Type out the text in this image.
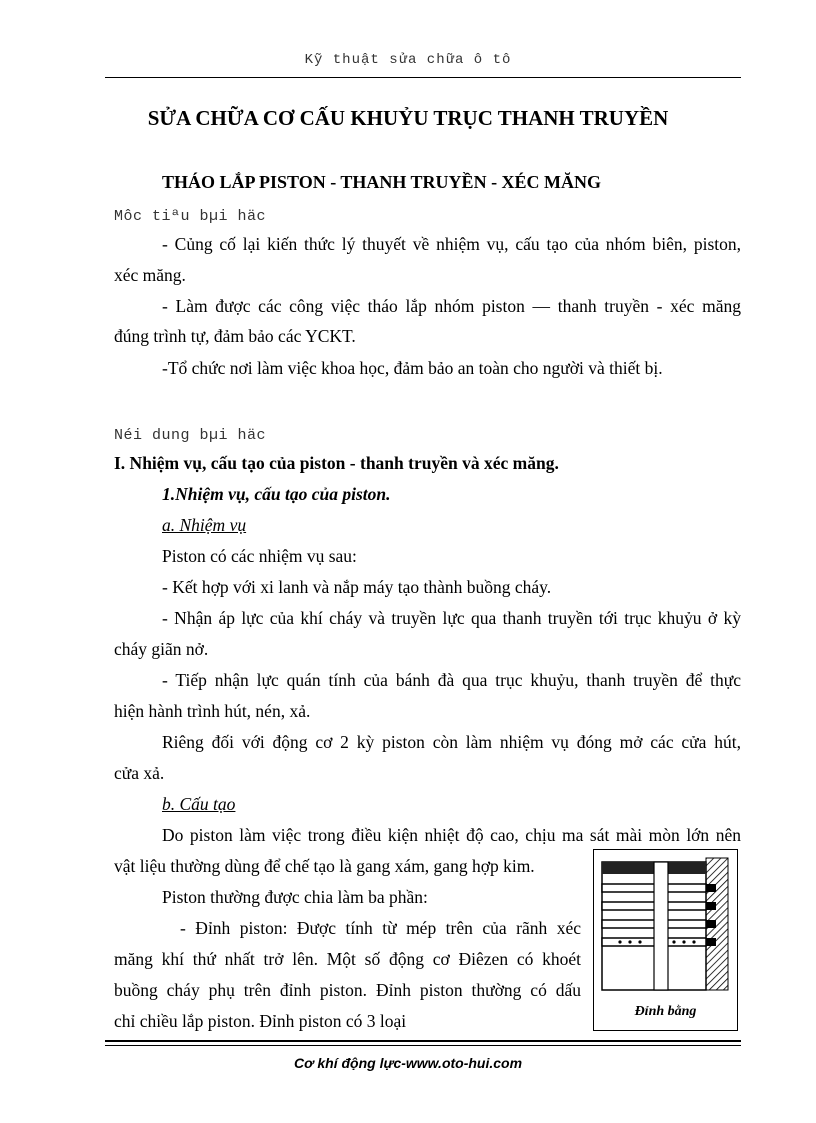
Kỹ thuật sửa chữa ô tô
SỬA CHỮA CƠ CẤU KHUỶU TRỤC THANH TRUYỀN
THÁO LẮP PISTON - THANH TRUYỀN - XÉC MĂNG
Môc tiªu bµi häc
- Củng cố lại kiến thức lý thuyết về nhiệm vụ, cấu tạo của nhóm biên, piston,
xéc măng.
- Làm được các công việc tháo lắp nhóm piston — thanh truyền - xéc măng
đúng trình tự, đảm bảo các YCKT.
-Tổ chức nơi làm việc khoa học, đảm bảo an toàn cho người và thiết bị.
Néi dung bµi häc
I. Nhiệm vụ, cấu tạo của piston - thanh truyền và xéc măng.
1.Nhiệm vụ, cấu tạo của piston.
a. Nhiệm vụ
Piston có các nhiệm vụ sau:
- Kết hợp với xi lanh và nắp máy tạo thành buồng cháy.
- Nhận áp lực của khí cháy và truyền lực qua thanh truyền tới trục khuỷu ở kỳ
cháy giãn nở.
- Tiếp nhận lực quán tính của bánh đà qua trục khuỷu, thanh truyền để thực
hiện hành trình hút, nén, xả.
Riêng đối với động cơ 2 kỳ piston còn làm nhiệm vụ đóng mở các cửa hút,
cửa xả.
b. Cấu tạo
Do piston làm việc trong điều kiện nhiệt độ cao, chịu ma sát mài mòn lớn nên
vật liệu thường dùng để chế tạo là gang xám, gang hợp kim.
Piston thường được chia làm ba phần:
- Đỉnh piston: Được tính từ mép trên của rãnh xéc
măng khí thứ nhất trở lên. Một số động cơ Điêzen có khoét
buồng cháy phụ trên đỉnh piston. Đỉnh piston thường có dấu
chỉ chiều lắp piston. Đỉnh piston có 3 loại	Đỉnh bằng
Cơ khí động lực-www.oto-hui.com
